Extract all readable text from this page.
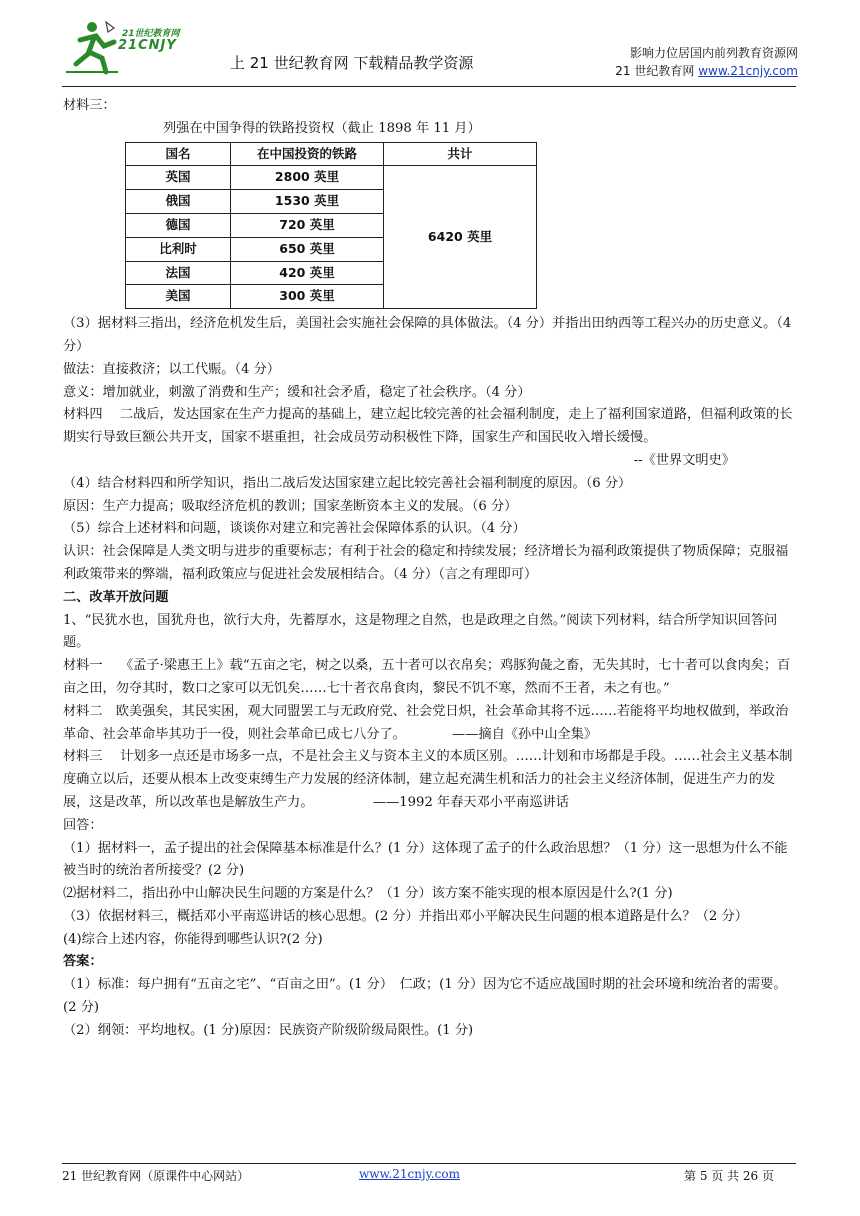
21世纪教育网
21CNJY
上 21 世纪教育网 下载精品教学资源
影响力位居国内前列教育资源网
21 世纪教育网 www.21cnjy.com

材料三：

列强在中国争得的铁路投资权（截止 1898 年 11 月）

国名	在中国投资的铁路	共计
英国	2800 英里	6420 英里
俄国	1530 英里	
德国	720 英里	
比利时	650 英里	
法国	420 英里	
美国	300 英里	

（3）据材料三指出，经济危机发生后，美国社会实施社会保障的具体做法。（4 分）并指出田纳西等工程兴办的历史意义。（4 分）

做法：直接救济；以工代赈。（4 分）

意义：增加就业，刺激了消费和生产；缓和社会矛盾，稳定了社会秩序。（4 分）

材料四　 二战后，发达国家在生产力提高的基础上，建立起比较完善的社会福利制度，走上了福利国家道路，但福利政策的长期实行导致巨额公共开支，国家不堪重担，社会成员劳动积极性下降，国家生产和国民收入增长缓慢。

--《世界文明史》

（4）结合材料四和所学知识，指出二战后发达国家建立起比较完善社会福利制度的原因。（6 分）

原因：生产力提高；吸取经济危机的教训；国家垄断资本主义的发展。（6 分）

（5）综合上述材料和问题，谈谈你对建立和完善社会保障体系的认识。（4 分）

认识：社会保障是人类文明与进步的重要标志；有利于社会的稳定和持续发展；经济增长为福利政策提供了物质保障；克服福利政策带来的弊端，福利政策应与促进社会发展相结合。（4 分）（言之有理即可）

二、改革开放问题

1、“民犹水也，国犹舟也，欲行大舟，先蓄厚水，这是物理之自然，也是政理之自然。”阅读下列材料，结合所学知识回答问题。

材料一　 《孟子·梁惠王上》载“五亩之宅，树之以桑，五十者可以衣帛矣；鸡豚狗彘之畜，无失其时，七十者可以食肉矣；百亩之田，勿夺其时，数口之家可以无饥矣……七十者衣帛食肉，黎民不饥不寒，然而不王者，未之有也。”

材料二　欧美强矣，其民实困，观大同盟罢工与无政府党、社会党日炽，社会革命其将不远……若能将平均地权做到，举政治革命、社会革命毕其功于一役，则社会革命已成七八分了。　　　　——摘自《孙中山全集》

材料三　 计划多一点还是市场多一点，不是社会主义与资本主义的本质区别。……计划和市场都是手段。……社会主义基本制度确立以后，还要从根本上改变束缚生产力发展的经济体制，建立起充满生机和活力的社会主义经济体制，促进生产力的发展，这是改革，所以改革也是解放生产力。　　　　　——1992 年春天邓小平南巡讲话

回答：

（1）据材料一，孟子提出的社会保障基本标准是什么？(1 分）这体现了孟子的什么政治思想？（1 分）这一思想为什么不能被当时的统治者所接受？(2 分)

⑵据材料二，指出孙中山解决民生问题的方案是什么？（1 分）该方案不能实现的根本原因是什么?(1 分)

（3）依据材料三，概括邓小平南巡讲话的核心思想。(2 分）并指出邓小平解决民生问题的根本道路是什么？（2 分）

(4)综合上述内容，你能得到哪些认识?(2 分)

答案：

（1）标准：每户拥有“五亩之宅”、“百亩之田”。(1 分）　仁政；(1 分）因为它不适应战国时期的社会环境和统治者的需要。(2 分)

（2）纲领：平均地权。(1 分)原因：民族资产阶级阶级局限性。(1 分)

21 世纪教育网（原课件中心网站）	www.21cnjy.com	第 5 页 共 26 页
